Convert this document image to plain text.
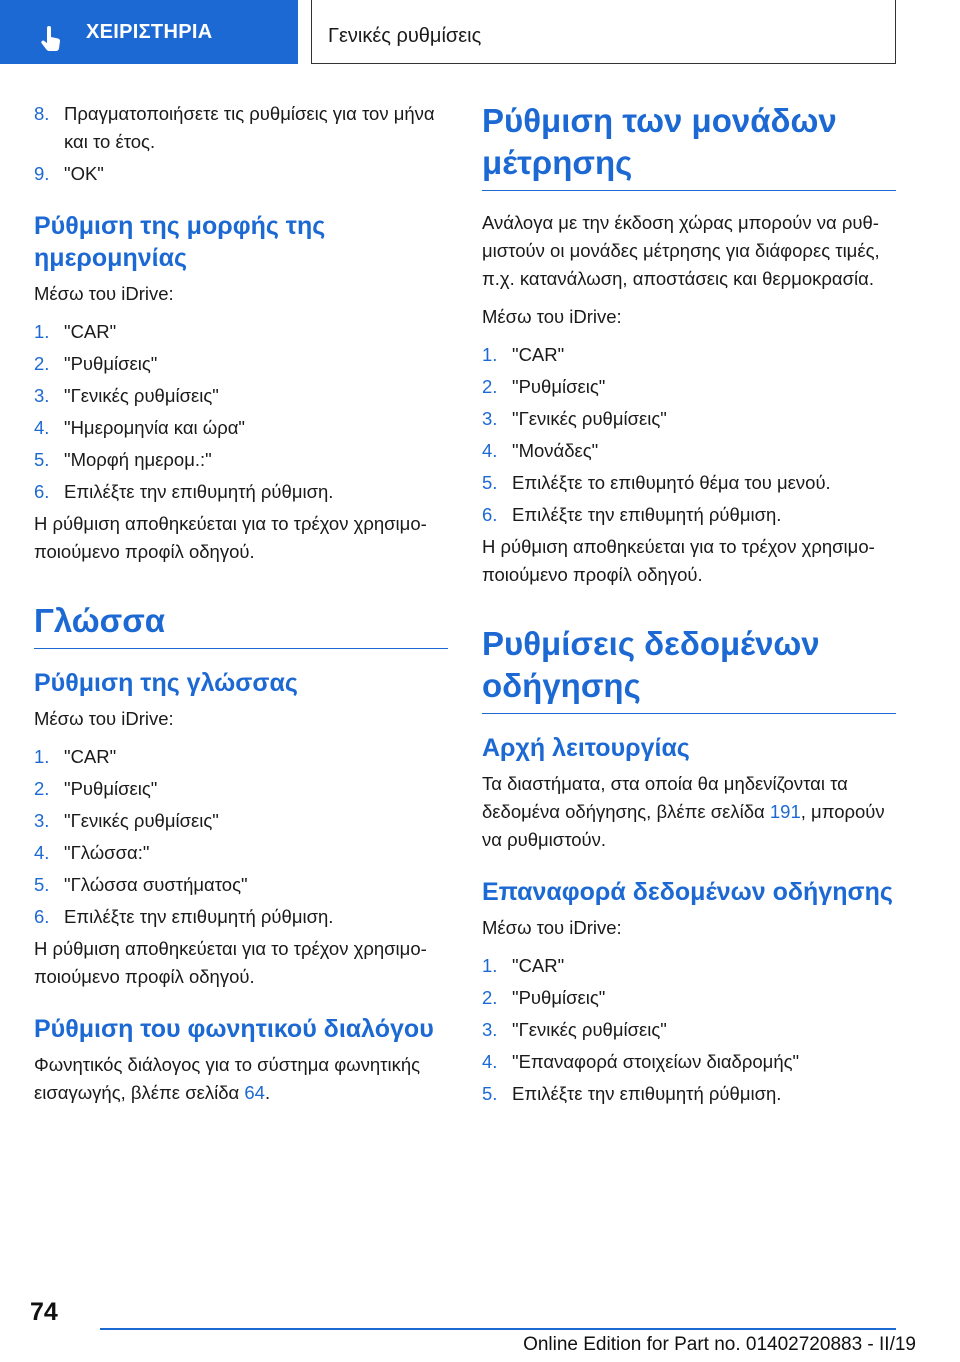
ΧΕΙΡΙΣΤΗΡΙΑ	Γενικές ρυθμίσεις
8. Πραγματοποιήσετε τις ρυθμίσεις για τον μήνα και το έτος.
9. "OK"
Ρύθμιση της μορφής της ημερομηνίας

Μέσω του iDrive:

1. "CAR"
2. "Ρυθμίσεις"
3. "Γενικές ρυθμίσεις"
4. "Ημερομηνία και ώρα"
5. "Μορφή ημερομ.:"
6. Επιλέξτε την επιθυμητή ρύθμιση.

Η ρύθμιση αποθηκεύεται για το τρέχον χρησιμοποιούμενο προφίλ οδηγού.

Γλώσσα
Ρύθμιση της γλώσσας

Μέσω του iDrive:

1. "CAR"
2. "Ρυθμίσεις"
3. "Γενικές ρυθμίσεις"
4. "Γλώσσα:"
5. "Γλώσσα συστήματος"
6. Επιλέξτε την επιθυμητή ρύθμιση.

Η ρύθμιση αποθηκεύεται για το τρέχον χρησιμοποιούμενο προφίλ οδηγού.

Ρύθμιση του φωνητικού διαλόγου

Φωνητικός διάλογος για το σύστημα φωνητικής εισαγωγής, βλέπε σελίδα 64.

Ρύθμιση των μονάδων μέτρησης

Ανάλογα με την έκδοση χώρας μπορούν να ρυθμιστούν οι μονάδες μέτρησης για διάφορες τιμές, π.χ. κατανάλωση, αποστάσεις και θερμοκρασία.

Μέσω του iDrive:

1. "CAR"
2. "Ρυθμίσεις"
3. "Γενικές ρυθμίσεις"
4. "Μονάδες"
5. Επιλέξτε το επιθυμητό θέμα του μενού.
6. Επιλέξτε την επιθυμητή ρύθμιση.

Η ρύθμιση αποθηκεύεται για το τρέχον χρησιμοποιούμενο προφίλ οδηγού.

Ρυθμίσεις δεδομένων οδήγησης
Αρχή λειτουργίας

Τα διαστήματα, στα οποία θα μηδενίζονται τα δεδομένα οδήγησης, βλέπε σελίδα 191, μπορούν να ρυθμιστούν.

Επαναφορά δεδομένων οδήγησης

Μέσω του iDrive:

1. "CAR"
2. "Ρυθμίσεις"
3. "Γενικές ρυθμίσεις"
4. "Επαναφορά στοιχείων διαδρομής"
5. Επιλέξτε την επιθυμητή ρύθμιση.
74
Online Edition for Part no. 01402720883 - II/19
